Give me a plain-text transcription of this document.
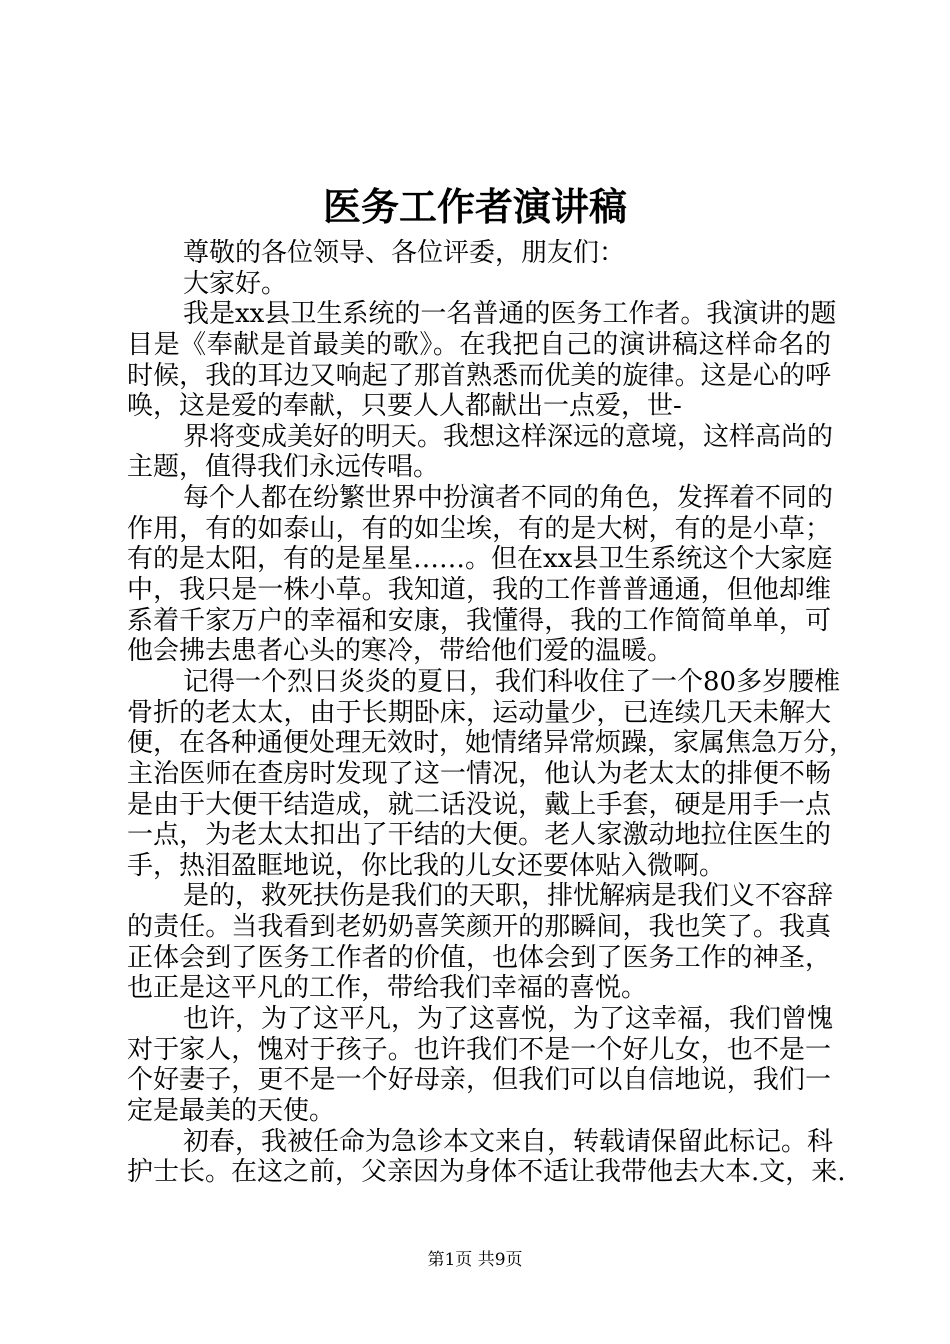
医务工作者演讲稿
尊敬的各位领导、各位评委，朋友们：
大家好。
我是xx县卫生系统的一名普通的医务工作者。我演讲的题
目是《奉献是首最美的歌》。在我把自己的演讲稿这样命名的
时候，我的耳边又响起了那首熟悉而优美的旋律。这是心的呼
唤，这是爱的奉献，只要人人都献出一点爱，世-
界将变成美好的明天。我想这样深远的意境，这样高尚的
主题，值得我们永远传唱。
每个人都在纷繁世界中扮演者不同的角色，发挥着不同的
作用，有的如泰山，有的如尘埃，有的是大树，有的是小草；
有的是太阳，有的是星星……。但在xx县卫生系统这个大家庭
中，我只是一株小草。我知道，我的工作普普通通，但他却维
系着千家万户的幸福和安康，我懂得，我的工作简简单单，可
他会拂去患者心头的寒冷，带给他们爱的温暖。
记得一个烈日炎炎的夏日，我们科收住了一个80多岁腰椎
骨折的老太太，由于长期卧床，运动量少，已连续几天未解大
便，在各种通便处理无效时，她情绪异常烦躁，家属焦急万分，
主治医师在查房时发现了这一情况，他认为老太太的排便不畅
是由于大便干结造成，就二话没说，戴上手套，硬是用手一点
一点，为老太太扣出了干结的大便。老人家激动地拉住医生的
手，热泪盈眶地说，你比我的儿女还要体贴入微啊。
是的，救死扶伤是我们的天职，排忧解病是我们义不容辞
的责任。当我看到老奶奶喜笑颜开的那瞬间，我也笑了。我真
正体会到了医务工作者的价值，也体会到了医务工作的神圣，
也正是这平凡的工作，带给我们幸福的喜悦。
也许，为了这平凡，为了这喜悦，为了这幸福，我们曾愧
对于家人，愧对于孩子。也许我们不是一个好儿女，也不是一
个好妻子，更不是一个好母亲，但我们可以自信地说，我们一
定是最美的天使。
初春，我被任命为急诊本文来自，转载请保留此标记。科
护士长。在这之前，父亲因为身体不适让我带他去大本.文，来.
第1页 共9页
